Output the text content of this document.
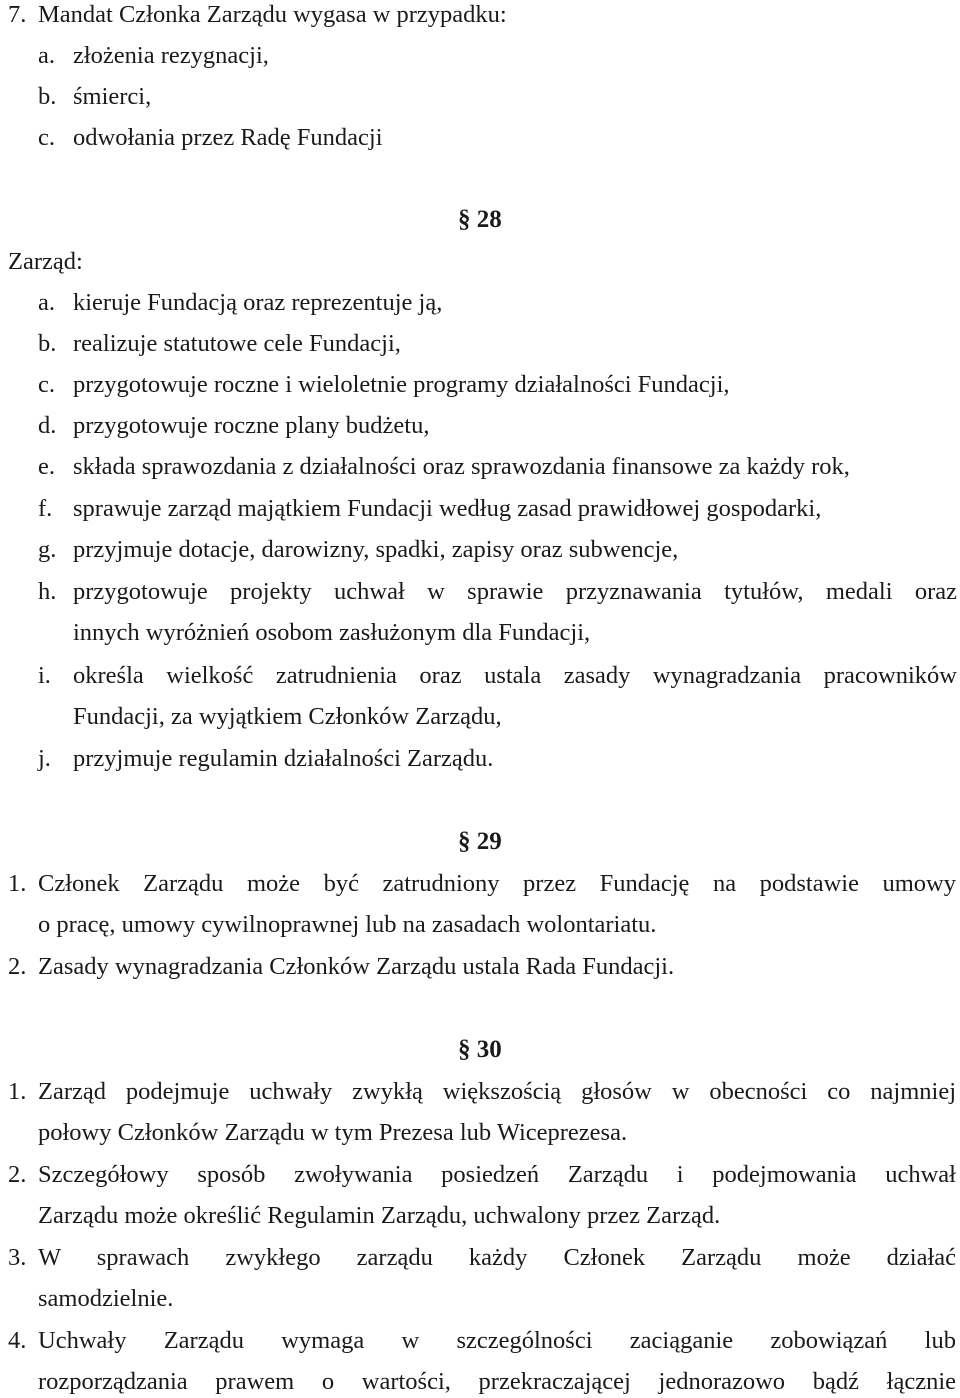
7. Mandat Członka Zarządu wygasa w przypadku:
a. złożenia rezygnacji,
b. śmierci,
c. odwołania przez Radę Fundacji
§ 28
Zarząd:
a. kieruje Fundacją oraz reprezentuje ją,
b. realizuje statutowe cele Fundacji,
c. przygotowuje roczne i wieloletnie programy działalności Fundacji,
d. przygotowuje roczne plany budżetu,
e. składa sprawozdania z działalności oraz sprawozdania finansowe za każdy rok,
f. sprawuje zarząd majątkiem Fundacji według zasad prawidłowej gospodarki,
g. przyjmuje dotacje, darowizny, spadki, zapisy oraz subwencje,
h. przygotowuje projekty uchwał w sprawie przyznawania tytułów, medali oraz
innych wyróżnień osobom zasłużonym dla Fundacji,
i. określa wielkość zatrudnienia oraz ustala zasady wynagradzania pracowników
Fundacji, za wyjątkiem Członków Zarządu,
j. przyjmuje regulamin działalności Zarządu.
§ 29
1. Członek Zarządu może być zatrudniony przez Fundację na podstawie umowy
o pracę, umowy cywilnoprawnej lub na zasadach wolontariatu.
2. Zasady wynagradzania Członków Zarządu ustala Rada Fundacji.
§ 30
1. Zarząd podejmuje uchwały zwykłą większością głosów w obecności co najmniej
połowy Członków Zarządu w tym Prezesa lub Wiceprezesa.
2. Szczegółowy sposób zwoływania posiedzeń Zarządu i podejmowania uchwał
Zarządu może określić Regulamin Zarządu, uchwalony przez Zarząd.
3. W sprawach zwykłego zarządu każdy Członek Zarządu może działać
samodzielnie.
4. Uchwały Zarządu wymaga w szczególności zaciąganie zobowiązań lub
rozporządzania prawem o wartości, przekraczającej jednorazowo bądź łącznie
